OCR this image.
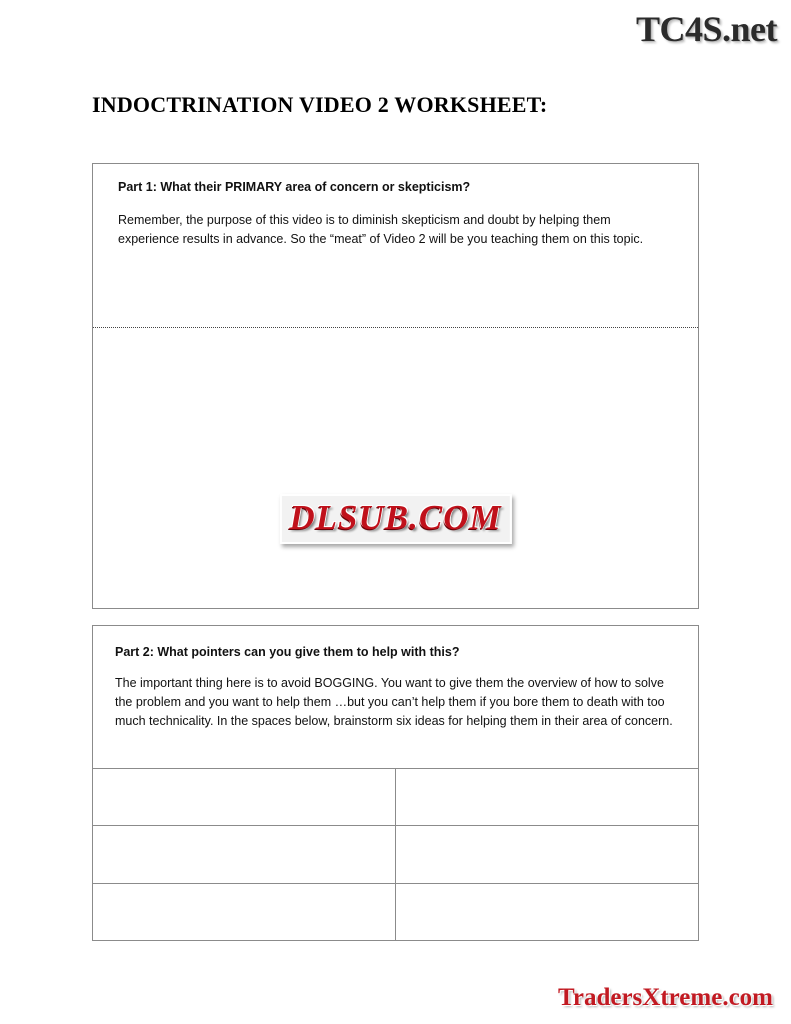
TC4S.net
INDOCTRINATION VIDEO 2 WORKSHEET:
Part 1: What their PRIMARY area of concern or skepticism?
Remember, the purpose of this video is to diminish skepticism and doubt by helping them experience results in advance. So the “meat” of Video 2 will be you teaching them on this topic.
DLSUB.COM
Part 2: What pointers can you give them to help with this?
The important thing here is to avoid BOGGING. You want to give them the overview of how to solve the problem and you want to help them …but you can’t help them if you bore them to death with too much technicality. In the spaces below, brainstorm six ideas for helping them in their area of concern.
TradersXtreme.com
